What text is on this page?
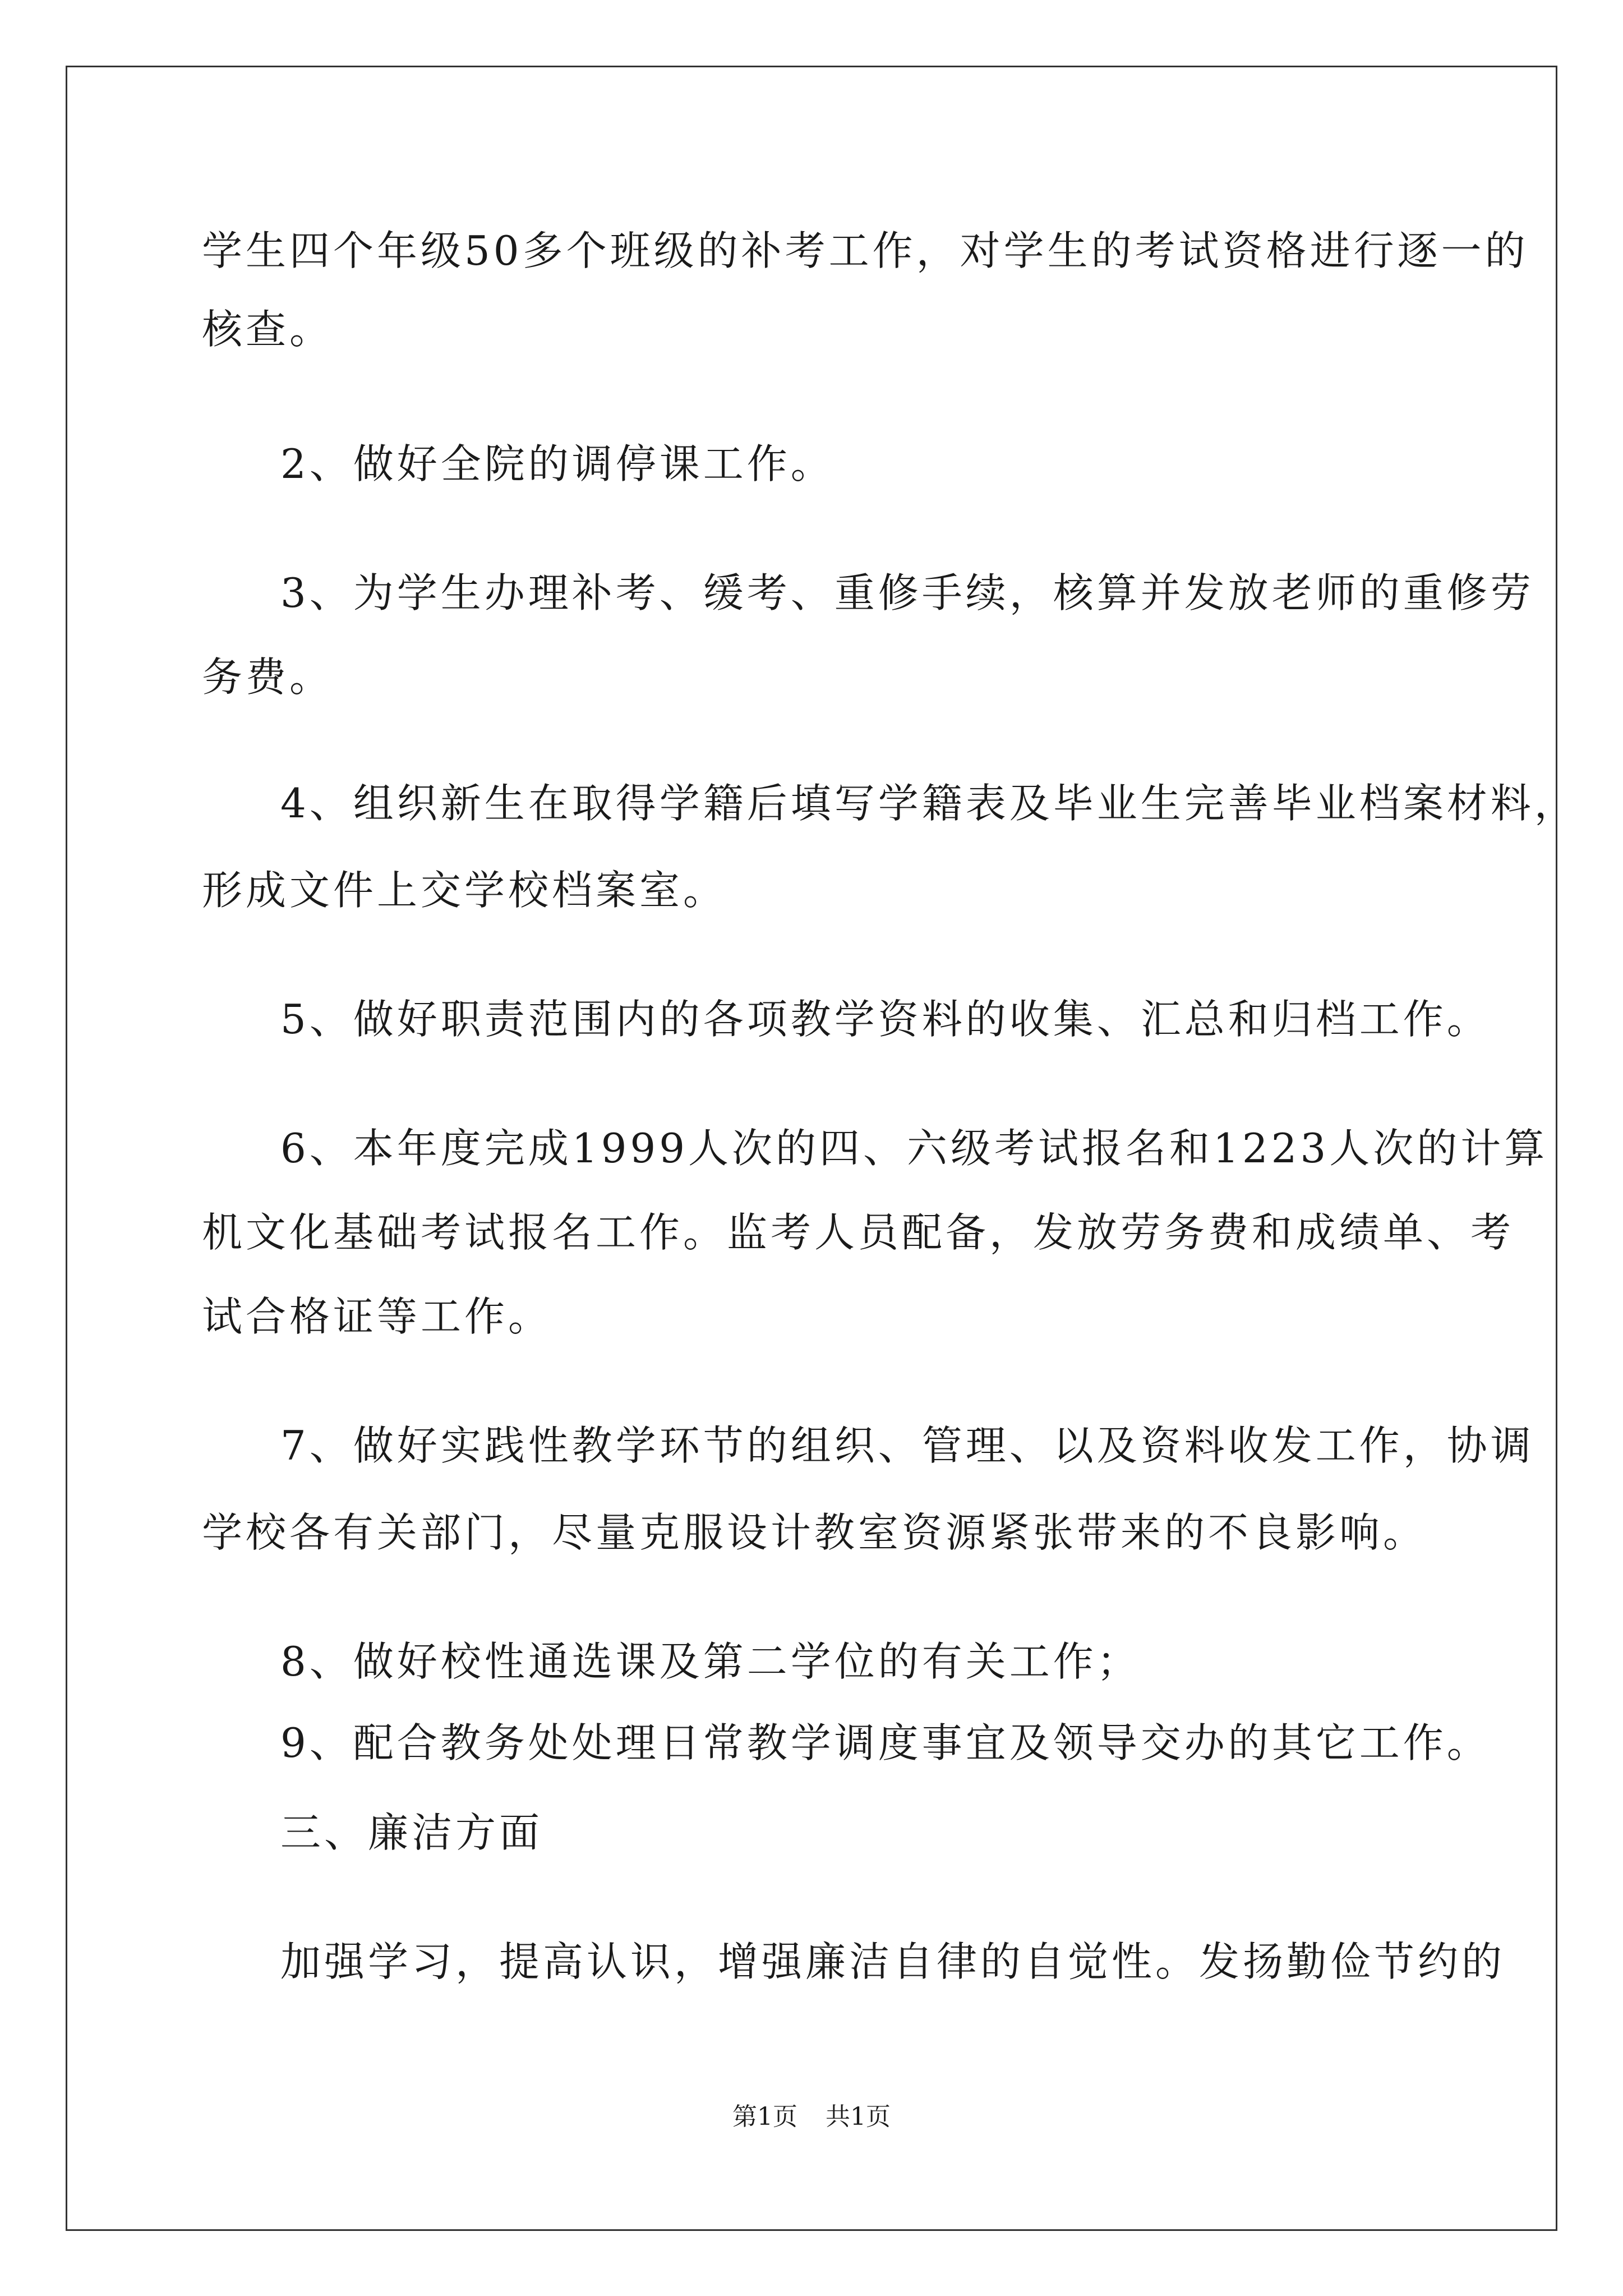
学生四个年级50多个班级的补考工作，对学生的考试资格进行逐一的
核查。
2、做好全院的调停课工作。
3、为学生办理补考、缓考、重修手续，核算并发放老师的重修劳
务费。
4、组织新生在取得学籍后填写学籍表及毕业生完善毕业档案材料，
形成文件上交学校档案室。
5、做好职责范围内的各项教学资料的收集、汇总和归档工作。
6、本年度完成1999人次的四、六级考试报名和1223人次的计算
机文化基础考试报名工作。监考人员配备，发放劳务费和成绩单、考
试合格证等工作。
7、做好实践性教学环节的组织、管理、以及资料收发工作，协调
学校各有关部门，尽量克服设计教室资源紧张带来的不良影响。
8、做好校性通选课及第二学位的有关工作；
9、配合教务处处理日常教学调度事宜及领导交办的其它工作。
三、廉洁方面
加强学习，提高认识，增强廉洁自律的自觉性。发扬勤俭节约的
第1页 共1页
